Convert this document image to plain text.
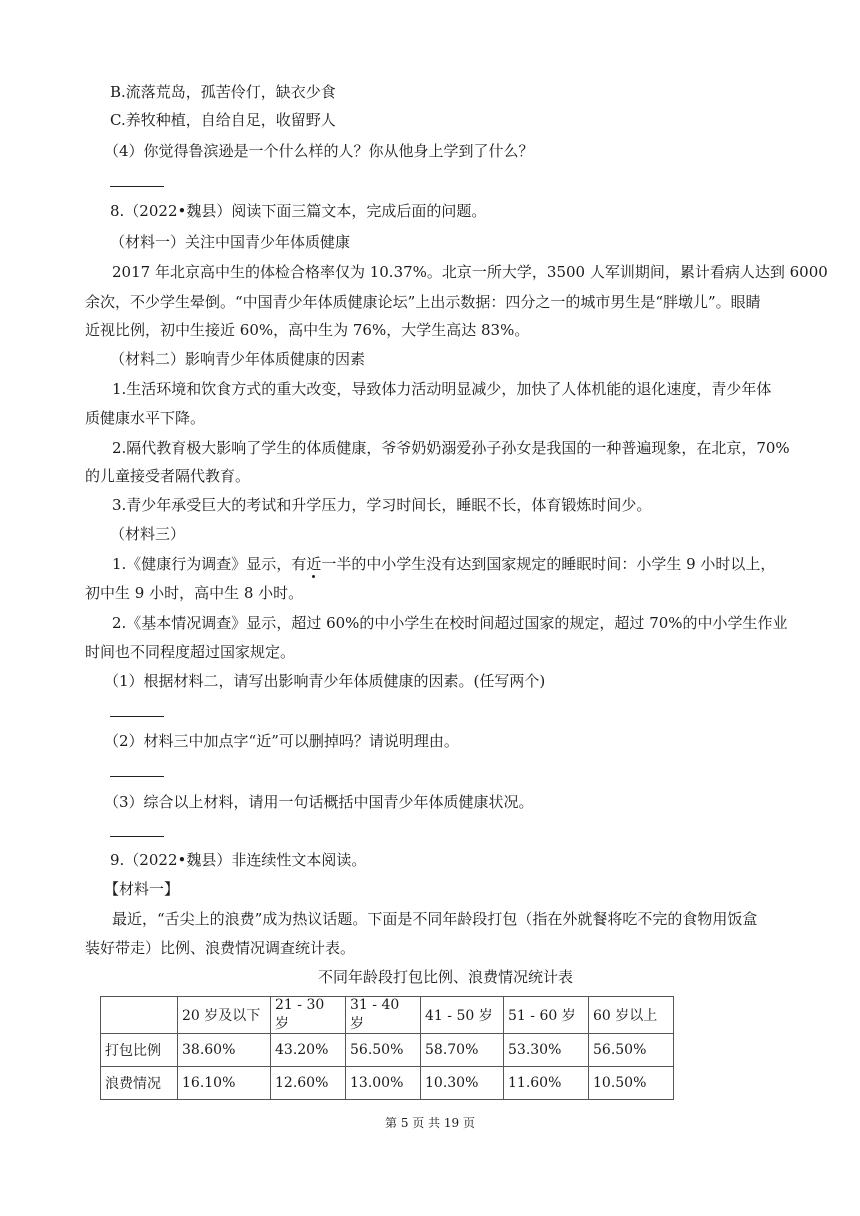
B.流落荒岛，孤苦伶仃，缺衣少食
C.养牧种植，自给自足，收留野人
（4）你觉得鲁滨逊是一个什么样的人？你从他身上学到了什么？
8.（2022•魏县）阅读下面三篇文本，完成后面的问题。
（材料一）关注中国青少年体质健康
2017 年北京高中生的体检合格率仅为 10.37%。北京一所大学，3500 人军训期间，累计看病人达到 6000
余次，不少学生晕倒。“中国青少年体质健康论坛”上出示数据：四分之一的城市男生是“胖墩儿”。眼睛
近视比例，初中生接近 60%，高中生为 76%，大学生高达 83%。
（材料二）影响青少年体质健康的因素
1.生活环境和饮食方式的重大改变，导致体力活动明显减少，加快了人体机能的退化速度，青少年体
质健康水平下降。
2.隔代教育极大影响了学生的体质健康，爷爷奶奶溺爱孙子孙女是我国的一种普遍现象，在北京，70%
的儿童接受者隔代教育。
3.青少年承受巨大的考试和升学压力，学习时间长，睡眠不长，体育锻炼时间少。
（材料三）
1.《健康行为调查》显示，有近一半的中小学生没有达到国家规定的睡眠时间：小学生 9 小时以上，
初中生 9 小时，高中生 8 小时。
2.《基本情况调查》显示，超过 60%的中小学生在校时间超过国家的规定，超过 70%的中小学生作业
时间也不同程度超过国家规定。
（1）根据材料二，请写出影响青少年体质健康的因素。(任写两个)
（2）材料三中加点字“近”可以删掉吗？请说明理由。
（3）综合以上材料，请用一句话概括中国青少年体质健康状况。
9.（2022•魏县）非连续性文本阅读。
【材料一】
最近，“舌尖上的浪费”成为热议话题。下面是不同年龄段打包（指在外就餐将吃不完的食物用饭盒
装好带走）比例、浪费情况调查统计表。
不同年龄段打包比例、浪费情况统计表
	20 岁及以下	21 - 30 岁	31 - 40 岁	41 - 50 岁	51 - 60 岁	60 岁以上
打包比例	38.60%	43.20%	56.50%	58.70%	53.30%	56.50%
浪费情况	16.10%	12.60%	13.00%	10.30%	11.60%	10.50%
第 5 页 共 19 页
